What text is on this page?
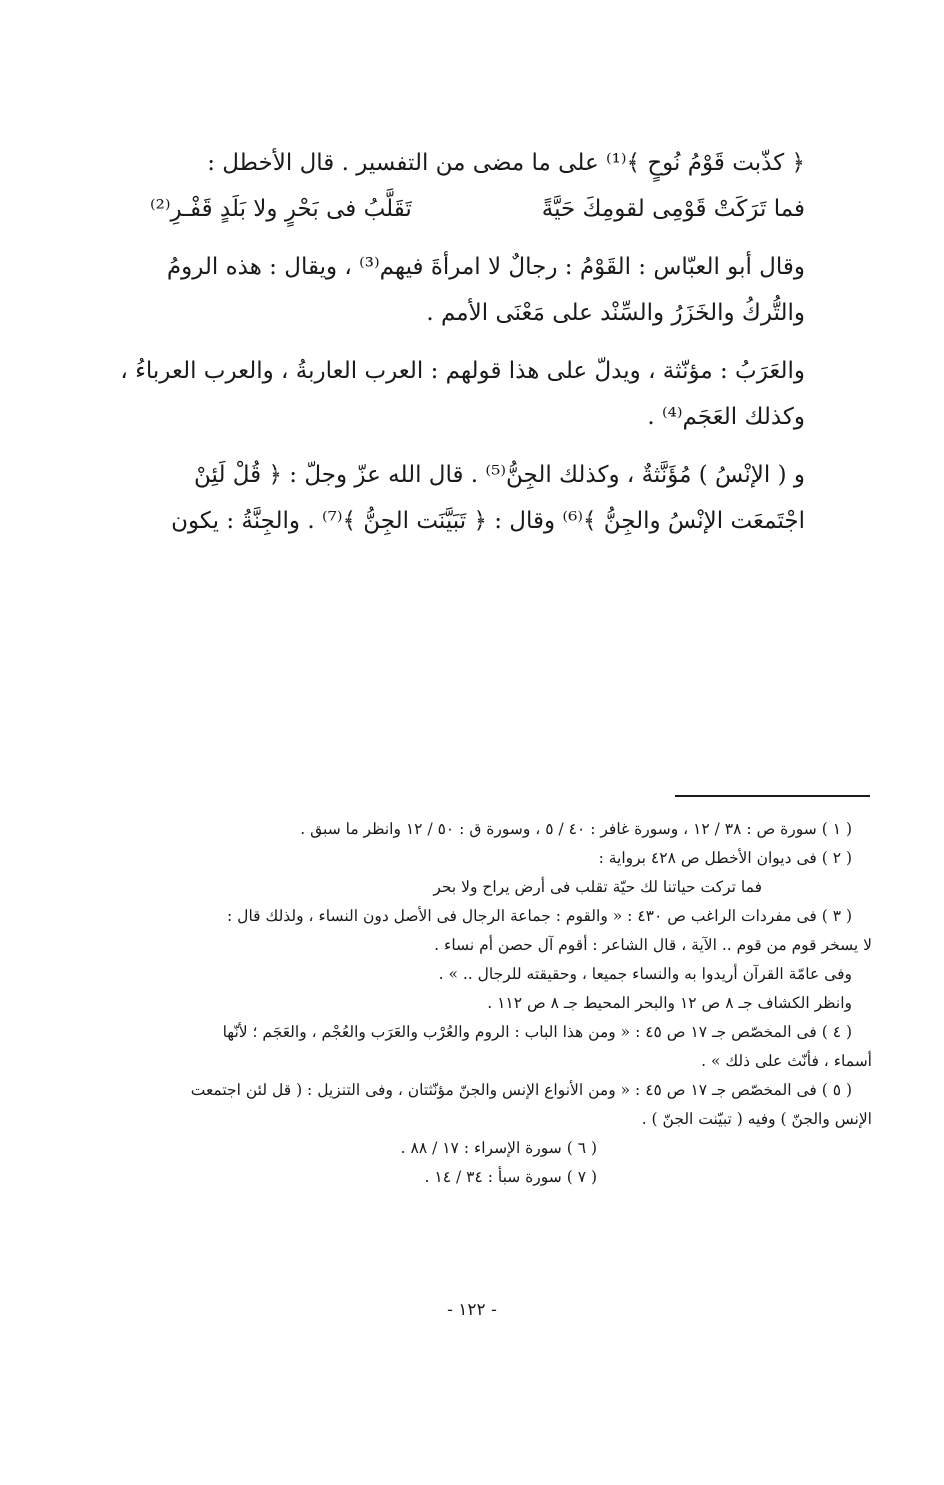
﴿ كذّبت قَوْمُ نُوحٍ ﴾⁽¹⁾ على ما مضى من التفسير . قال الأخطل :
فما تَرَكَتْ قَوْمِى لقومِكَ حَيَّةً
تَقَلَّبُ فى بَحْرٍ ولا بَلَدٍ قَفْـرِ⁽²⁾
وقال أبو العبّاس : القَوْمُ : رجالٌ لا امرأةَ فيهم⁽³⁾ ، ويقال : هذه الرومُ
والتُّركُ والخَزَرُ والسِّنْد على مَعْنَى الأمم .
والعَرَبُ : مؤنّثة ، ويدلّ على هذا قولهم : العرب العاربةُ ، والعرب العرباءُ ،
وكذلك العَجَم⁽⁴⁾ .
و ( الإنْسُ ) مُؤَنَّثةٌ ، وكذلك الجِنُّ⁽⁵⁾ . قال الله عزّ وجلّ : ﴿ قُلْ لَئِنْ
اجْتَمعَت الإنْسُ والجِنُّ ﴾⁽⁶⁾ وقال : ﴿ تَبَيَّنَت الجِنُّ ﴾⁽⁷⁾ . والجِنَّةُ : يكون
( ١ ) سورة ص : ٣٨ / ١٢ ، وسورة غافر : ٤٠ / ٥ ، وسورة ق : ٥٠ / ١٢ وانظر ما سبق .
( ٢ ) فى ديوان الأخطل ص ٤٢٨ برواية :
فما تركت حياتنا لك حيّة تقلب فى أرض يراح ولا بحر
( ٣ ) فى مفردات الراغب ص ٤٣٠ : « والقوم : جماعة الرجال فى الأصل دون النساء ، ولذلك قال :
لا يسخر قوم من قوم .. الآية ، قال الشاعر : أقوم آل حصن أم نساء .
وفى عامّة القرآن أريدوا به والنساء جميعا ، وحقيقته للرجال .. » .
وانظر الكشاف جـ ٨ ص ١٢ والبحر المحيط جـ ٨ ص ١١٢ .
( ٤ ) فى المخصّص جـ ١٧ ص ٤٥ : « ومن هذا الباب : الروم والعُرْب والعَرَب والعُجْم ، والعَجَم ؛ لأنّها
أسماء ، فأنّث على ذلك » .
( ٥ ) فى المخصّص جـ ١٧ ص ٤٥ : « ومن الأنواع الإنس والجنّ مؤنّثتان ، وفى التنزيل : ( قل لئن اجتمعت
الإنس والجنّ ) وفيه ( تبيّنت الجنّ ) .
( ٦ ) سورة الإسراء : ١٧ / ٨٨ .
( ٧ ) سورة سبأ : ٣٤ / ١٤ .
- ١٢٢ -
